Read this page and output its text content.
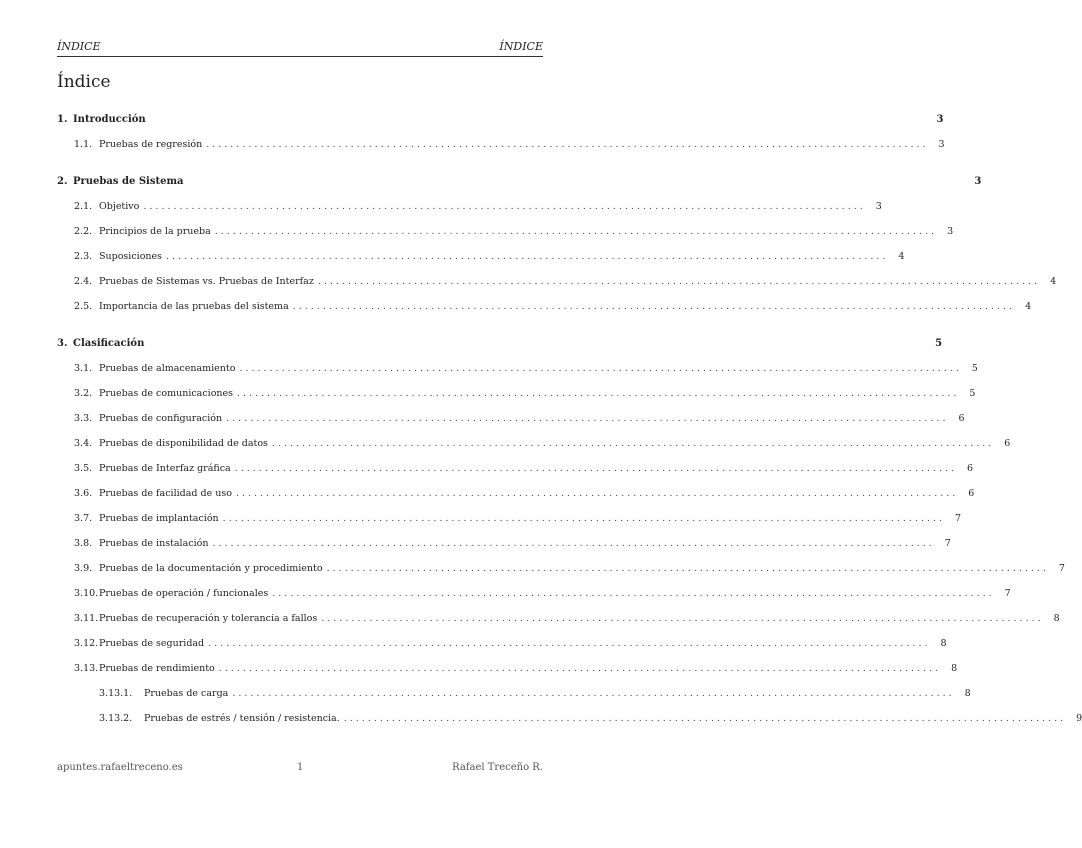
ÍNDICE	ÍNDICE
Índice
1. Introducción	3
1.1. Pruebas de regresión ........................................................................................................................	3
2. Pruebas de Sistema	3
2.1. Objetivo ........................................................................................................................	3
2.2. Principios de la prueba ........................................................................................................................	3
2.3. Suposiciones ........................................................................................................................	4
2.4. Pruebas de Sistemas vs. Pruebas de Interfaz ........................................................................................................................	4
2.5. Importancia de las pruebas del sistema ........................................................................................................................	4
3. Clasificación	5
3.1. Pruebas de almacenamiento ........................................................................................................................	5
3.2. Pruebas de comunicaciones ........................................................................................................................	5
3.3. Pruebas de configuración ........................................................................................................................	6
3.4. Pruebas de disponibilidad de datos ........................................................................................................................	6
3.5. Pruebas de Interfaz gráfica ........................................................................................................................	6
3.6. Pruebas de facilidad de uso ........................................................................................................................	6
3.7. Pruebas de implantación ........................................................................................................................	7
3.8. Pruebas de instalación ........................................................................................................................	7
3.9. Pruebas de la documentación y procedimiento ........................................................................................................................	7
3.10. Pruebas de operación / funcionales ........................................................................................................................	7
3.11. Pruebas de recuperación y tolerancia a fallos ........................................................................................................................	8
3.12. Pruebas de seguridad ........................................................................................................................	8
3.13. Pruebas de rendimiento ........................................................................................................................	8
3.13.1.	Pruebas de carga ........................................................................................................................	8
3.13.2.	Pruebas de estrés / tensión / resistencia. ........................................................................................................................	9
apuntes.rafaeltreceno.es	1	Rafael Treceño R.
